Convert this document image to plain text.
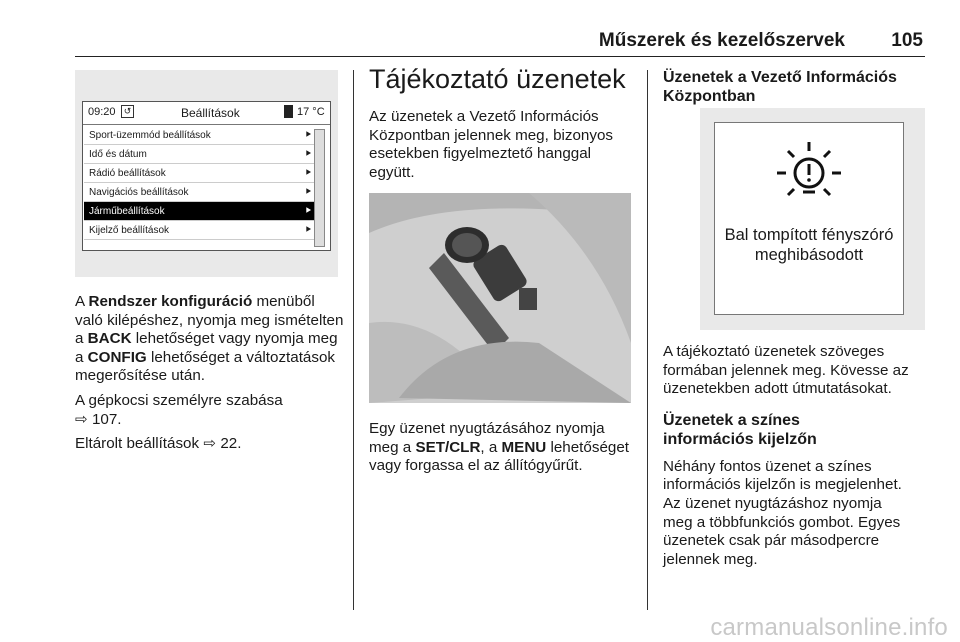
Műszerek és kezelőszervek 105
09:20 ↺	Beállítások	17 °C
Sport-üzemmód beállítások	⯈
Idő és dátum	⯈
Rádió beállítások	⯈
Navigációs beállítások	⯈
Járműbeállítások	⯈
Kijelző beállítások	⯈

A Rendszer konfiguráció menüből való kilépéshez, nyomja meg ismételten a BACK lehetőséget vagy nyomja meg a CONFIG lehetőséget a változtatások megerősítése után.

A gépkocsi személyre szabása
⇨ 107.

Eltárolt beállítások ⇨ 22.

Tájékoztató üzenetek

Az üzenetek a Vezető Információs Központban jelennek meg, bizonyos esetekben figyelmeztető hanggal együtt.

Egy üzenet nyugtázásához nyomja meg a SET/CLR, a MENU lehetőséget vagy forgassa el az állítógyűrűt.

Üzenetek a Vezető Információs Központban
Bal tompított fényszóró meghibásodott

A tájékoztató üzenetek szöveges formában jelennek meg. Kövesse az üzenetekben adott útmutatásokat.

Üzenetek a színes információs kijelzőn

Néhány fontos üzenet a színes információs kijelzőn is megjelenhet. Az üzenet nyugtázáshoz nyomja meg a többfunkciós gombot. Egyes üzenetek csak pár másodpercre jelennek meg.

carmanualsonline.info
